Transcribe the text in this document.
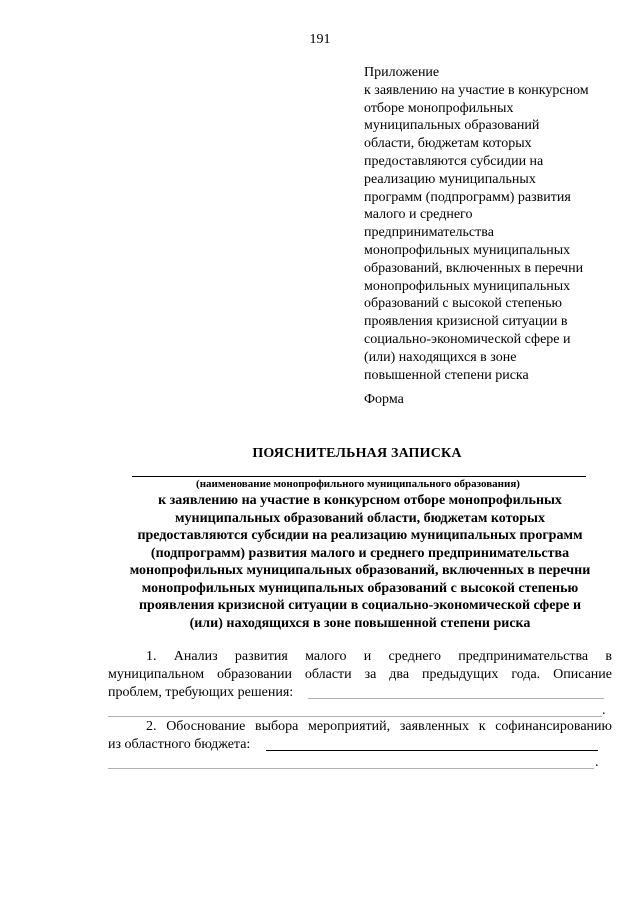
191
Приложение
к заявлению на участие в конкурсном
отборе монопрофильных
муниципальных образований
области, бюджетам которых
предоставляются субсидии на
реализацию муниципальных
программ (подпрограмм) развития
малого и среднего
предпринимательства
монопрофильных муниципальных
образований, включенных в перечни
монопрофильных муниципальных
образований с высокой степенью
проявления кризисной ситуации в
социально-экономической сфере и
(или) находящихся в зоне
повышенной степени риска
Форма
ПОЯСНИТЕЛЬНАЯ ЗАПИСКА
(наименование монопрофильного муниципального образования)
к заявлению на участие в конкурсном отборе монопрофильных
муниципальных образований области, бюджетам которых
предоставляются субсидии на реализацию муниципальных программ
(подпрограмм) развития малого и среднего предпринимательства
монопрофильных муниципальных образований, включенных в перечни
монопрофильных муниципальных образований с высокой степенью
проявления кризисной ситуации в социально-экономической сфере и
(или) находящихся в зоне повышенной степени риска
1. Анализ развития малого и среднего предпринимательства в
муниципальном образовании области за два предыдущих года. Описание
проблем, требующих решения:
.
2. Обоснование выбора мероприятий, заявленных к софинансированию
из областного бюджета:
.
